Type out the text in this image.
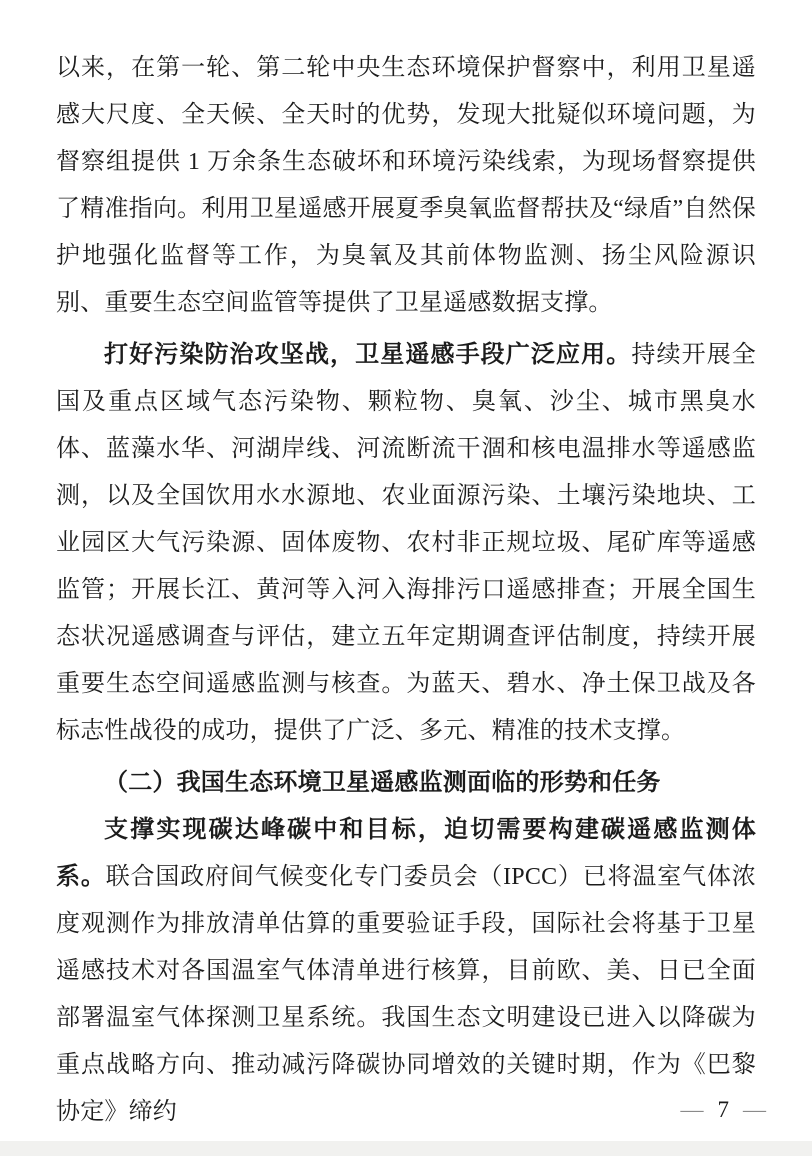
以来，在第一轮、第二轮中央生态环境保护督察中，利用卫星遥感大尺度、全天候、全天时的优势，发现大批疑似环境问题，为督察组提供 1 万余条生态破坏和环境污染线索，为现场督察提供了精准指向。利用卫星遥感开展夏季臭氧监督帮扶及“绿盾”自然保护地强化监督等工作，为臭氧及其前体物监测、扬尘风险源识别、重要生态空间监管等提供了卫星遥感数据支撑。

打好污染防治攻坚战，卫星遥感手段广泛应用。持续开展全国及重点区域气态污染物、颗粒物、臭氧、沙尘、城市黑臭水体、蓝藻水华、河湖岸线、河流断流干涸和核电温排水等遥感监测，以及全国饮用水水源地、农业面源污染、土壤污染地块、工业园区大气污染源、固体废物、农村非正规垃圾、尾矿库等遥感监管；开展长江、黄河等入河入海排污口遥感排查；开展全国生态状况遥感调查与评估，建立五年定期调查评估制度，持续开展重要生态空间遥感监测与核查。为蓝天、碧水、净土保卫战及各标志性战役的成功，提供了广泛、多元、精准的技术支撑。

（二）我国生态环境卫星遥感监测面临的形势和任务

支撑实现碳达峰碳中和目标，迫切需要构建碳遥感监测体系。联合国政府间气候变化专门委员会（IPCC）已将温室气体浓度观测作为排放清单估算的重要验证手段，国际社会将基于卫星遥感技术对各国温室气体清单进行核算，目前欧、美、日已全面部署温室气体探测卫星系统。我国生态文明建设已进入以降碳为重点战略方向、推动减污降碳协同增效的关键时期，作为《巴黎协定》缔约	— 7 —
